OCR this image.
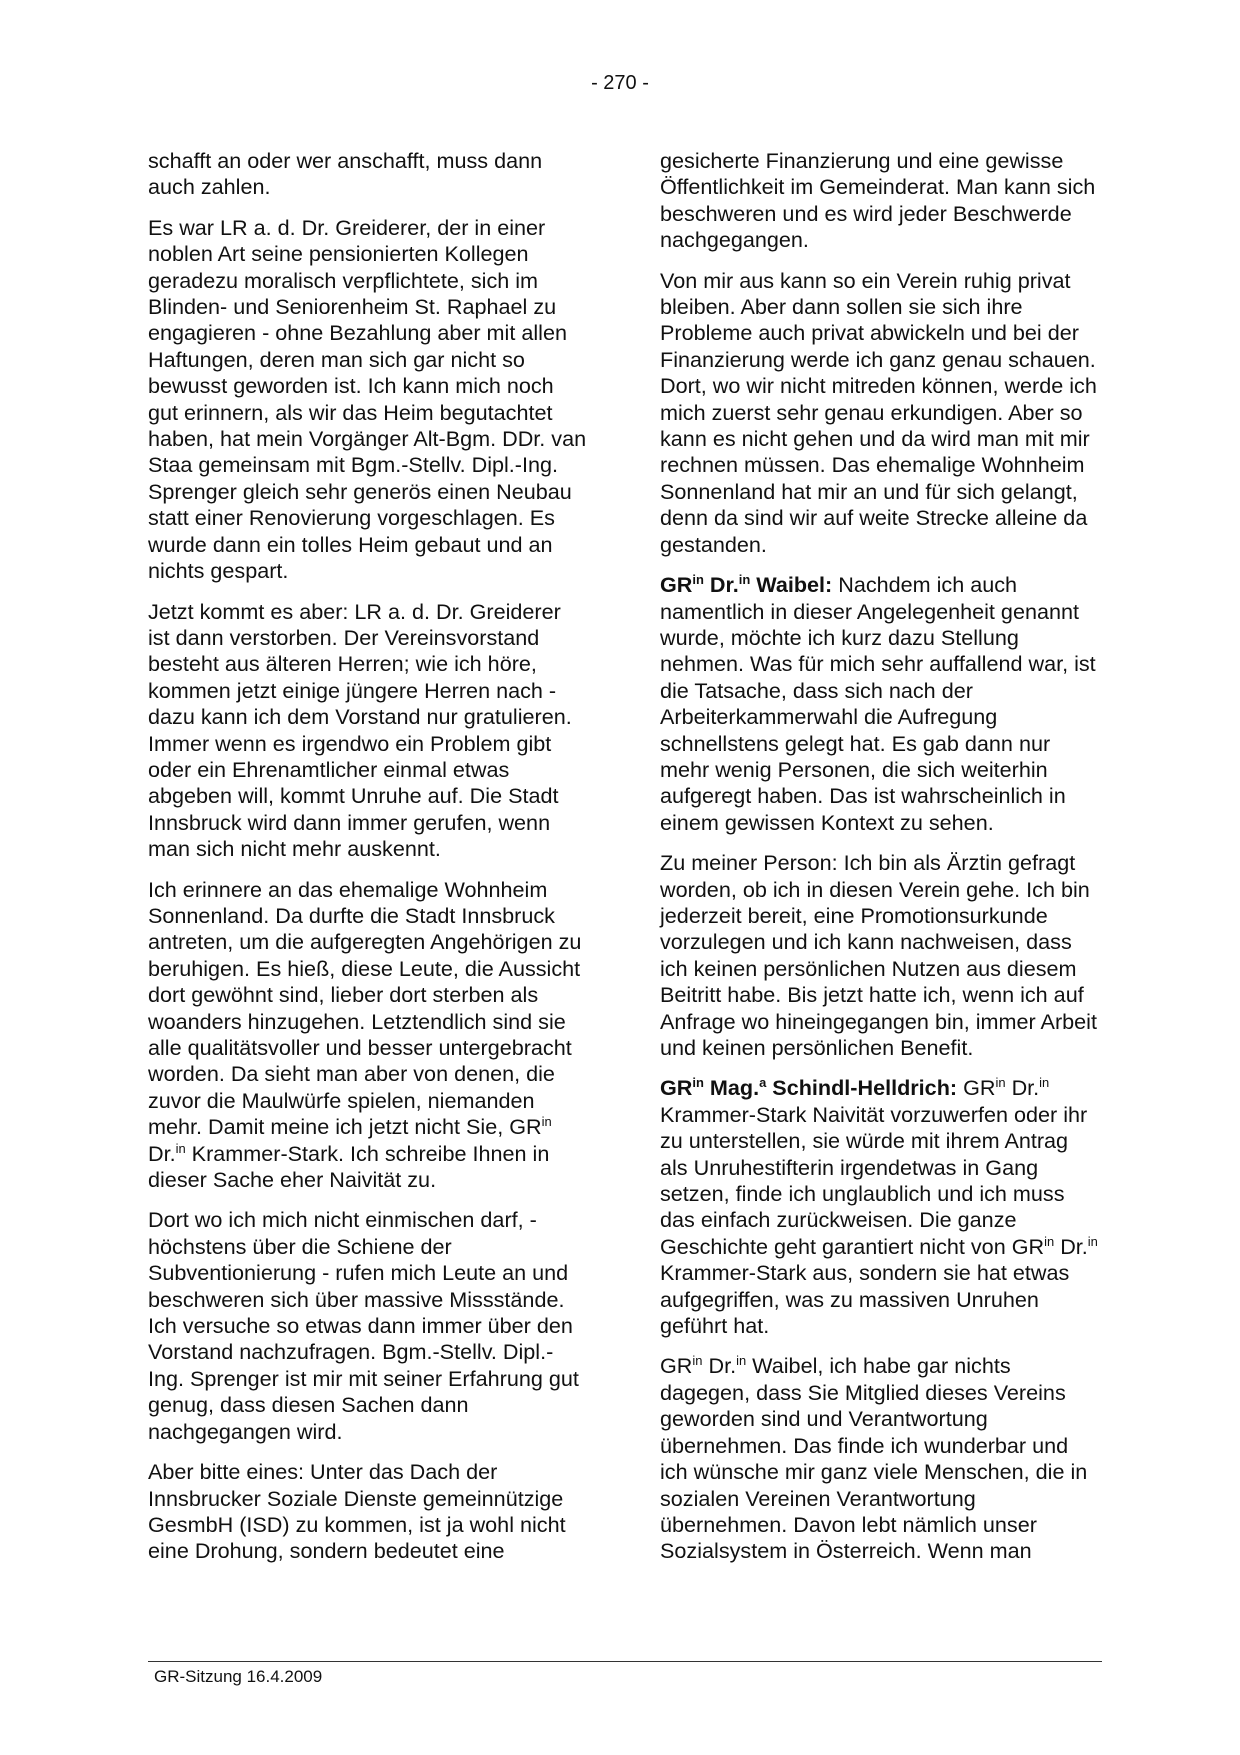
- 270 -

schafft an oder wer anschafft, muss dann auch zahlen.

Es war LR a. d. Dr. Greiderer, der in einer noblen Art seine pensionierten Kollegen geradezu moralisch verpflichtete, sich im Blinden- und Seniorenheim St. Raphael zu engagieren - ohne Bezahlung aber mit allen Haftungen, deren man sich gar nicht so bewusst geworden ist. Ich kann mich noch gut erinnern, als wir das Heim begutachtet haben, hat mein Vorgänger Alt-Bgm. DDr. van Staa gemeinsam mit Bgm.-Stellv. Dipl.-Ing. Sprenger gleich sehr generös einen Neubau statt einer Renovierung vorgeschlagen. Es wurde dann ein tolles Heim gebaut und an nichts gespart.

Jetzt kommt es aber: LR a. d. Dr. Greiderer ist dann verstorben. Der Vereinsvorstand besteht aus älteren Herren; wie ich höre, kommen jetzt einige jüngere Herren nach - dazu kann ich dem Vorstand nur gratulieren. Immer wenn es irgendwo ein Problem gibt oder ein Ehrenamtlicher einmal etwas abgeben will, kommt Unruhe auf. Die Stadt Innsbruck wird dann immer gerufen, wenn man sich nicht mehr auskennt.

Ich erinnere an das ehemalige Wohnheim Sonnenland. Da durfte die Stadt Innsbruck antreten, um die aufgeregten Angehörigen zu beruhigen. Es hieß, diese Leute, die Aussicht dort gewöhnt sind, lieber dort sterben als woanders hinzugehen. Letztendlich sind sie alle qualitätsvoller und besser untergebracht worden. Da sieht man aber von denen, die zuvor die Maulwürfe spielen, niemanden mehr. Damit meine ich jetzt nicht Sie, $GR^{in}$ Dr.$^{in}$ Krammer-Stark. Ich schreibe Ihnen in dieser Sache eher Naivität zu.

Dort wo ich mich nicht einmischen darf, - höchstens über die Schiene der Subventionierung - rufen mich Leute an und beschweren sich über massive Missstände. Ich versuche so etwas dann immer über den Vorstand nachzufragen. Bgm.-Stellv. Dipl.-Ing. Sprenger ist mir mit seiner Erfahrung gut genug, dass diesen Sachen dann nachgegangen wird.

Aber bitte eines: Unter das Dach der Innsbrucker Soziale Dienste gemeinnützige GesmbH (ISD) zu kommen, ist ja wohl nicht eine Drohung, sondern bedeutet eine

gesicherte Finanzierung und eine gewisse Öffentlichkeit im Gemeinderat. Man kann sich beschweren und es wird jeder Beschwerde nachgegangen.

Von mir aus kann so ein Verein ruhig privat bleiben. Aber dann sollen sie sich ihre Probleme auch privat abwickeln und bei der Finanzierung werde ich ganz genau schauen. Dort, wo wir nicht mitreden können, werde ich mich zuerst sehr genau erkundigen. Aber so kann es nicht gehen und da wird man mit mir rechnen müssen. Das ehemalige Wohnheim Sonnenland hat mir an und für sich gelangt, denn da sind wir auf weite Strecke alleine da gestanden.

$GR^{in}$ Dr.$^{in}$ Waibel: Nachdem ich auch namentlich in dieser Angelegenheit genannt wurde, möchte ich kurz dazu Stellung nehmen. Was für mich sehr auffallend war, ist die Tatsache, dass sich nach der Arbeiterkammerwahl die Aufregung schnellstens gelegt hat. Es gab dann nur mehr wenig Personen, die sich weiterhin aufgeregt haben. Das ist wahrscheinlich in einem gewissen Kontext zu sehen.

Zu meiner Person: Ich bin als Ärztin gefragt worden, ob ich in diesen Verein gehe. Ich bin jederzeit bereit, eine Promotionsurkunde vorzulegen und ich kann nachweisen, dass ich keinen persönlichen Nutzen aus diesem Beitritt habe. Bis jetzt hatte ich, wenn ich auf Anfrage wo hineingegangen bin, immer Arbeit und keinen persönlichen Benefit.

$GR^{in}$ Mag.$^a$ Schindl-Helldrich: $GR^{in}$ Dr.$^{in}$ Krammer-Stark Naivität vorzuwerfen oder ihr zu unterstellen, sie würde mit ihrem Antrag als Unruhestifterin irgendetwas in Gang setzen, finde ich unglaublich und ich muss das einfach zurückweisen. Die ganze Geschichte geht garantiert nicht von $GR^{in}$ Dr.$^{in}$ Krammer-Stark aus, sondern sie hat etwas aufgegriffen, was zu massiven Unruhen geführt hat.

$GR^{in}$ Dr.$^{in}$ Waibel, ich habe gar nichts dagegen, dass Sie Mitglied dieses Vereins geworden sind und Verantwortung übernehmen. Das finde ich wunderbar und ich wünsche mir ganz viele Menschen, die in sozialen Vereinen Verantwortung übernehmen. Davon lebt nämlich unser Sozialsystem in Österreich. Wenn man

GR-Sitzung 16.4.2009
